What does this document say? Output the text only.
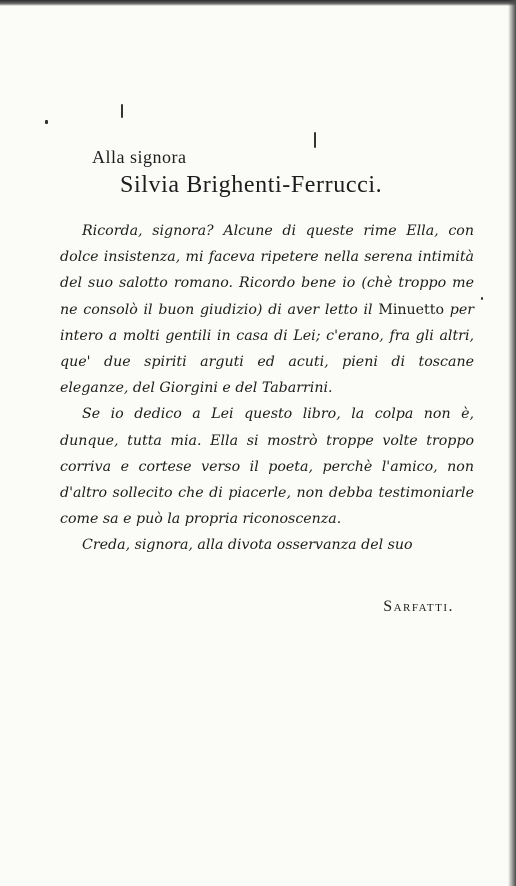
Alla signora
Silvia Brighenti-Ferrucci.

Ricorda, signora? Alcune di queste rime Ella, con dolce insistenza, mi faceva ripetere nella serena intimità del suo salotto romano. Ricordo bene io (chè troppo me ne consolò il buon giudizio) di aver letto il Minuetto per intero a molti gentili in casa di Lei; c'erano, fra gli altri, que' due spiriti arguti ed acuti, pieni di toscane eleganze, del Giorgini e del Tabarrini.

Se io dedico a Lei questo libro, la colpa non è, dunque, tutta mia. Ella si mostrò troppe volte troppo corriva e cortese verso il poeta, perchè l'amico, non d'altro sollecito che di piacerle, non debba testimoniarle come sa e può la propria riconoscenza.

Creda, signora, alla divota osservanza del suo

Sarfatti.
